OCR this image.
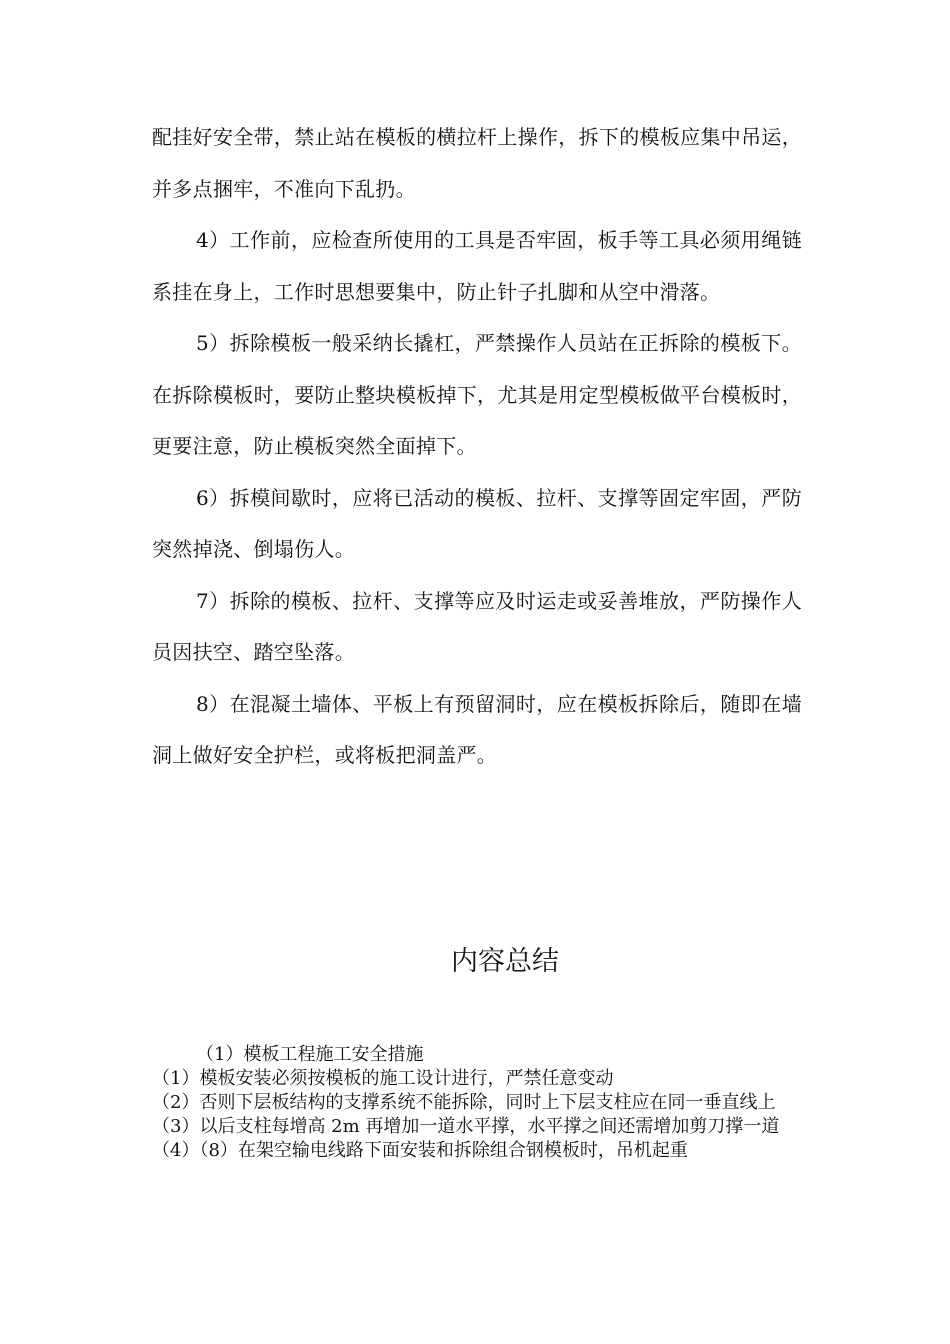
配挂好安全带，禁止站在模板的横拉杆上操作，拆下的模板应集中吊运，并多点捆牢，不准向下乱扔。

4）工作前，应检查所使用的工具是否牢固，板手等工具必须用绳链系挂在身上，工作时思想要集中，防止针子扎脚和从空中滑落。

5）拆除模板一般采纳长撬杠，严禁操作人员站在正拆除的模板下。在拆除模板时，要防止整块模板掉下，尤其是用定型模板做平台模板时，更要注意，防止模板突然全面掉下。

6）拆模间歇时，应将已活动的模板、拉杆、支撑等固定牢固，严防突然掉浇、倒塌伤人。

7）拆除的模板、拉杆、支撑等应及时运走或妥善堆放，严防操作人员因扶空、踏空坠落。

8）在混凝土墙体、平板上有预留洞时，应在模板拆除后，随即在墙洞上做好安全护栏，或将板把洞盖严。

内容总结

（1）模板工程施工安全措施

（1）模板安装必须按模板的施工设计进行，严禁任意变动

（2）否则下层板结构的支撑系统不能拆除，同时上下层支柱应在同一垂直线上

（3）以后支柱每增高 2m 再增加一道水平撑，水平撑之间还需增加剪刀撑一道

（4）（8）在架空输电线路下面安装和拆除组合钢模板时，吊机起重
